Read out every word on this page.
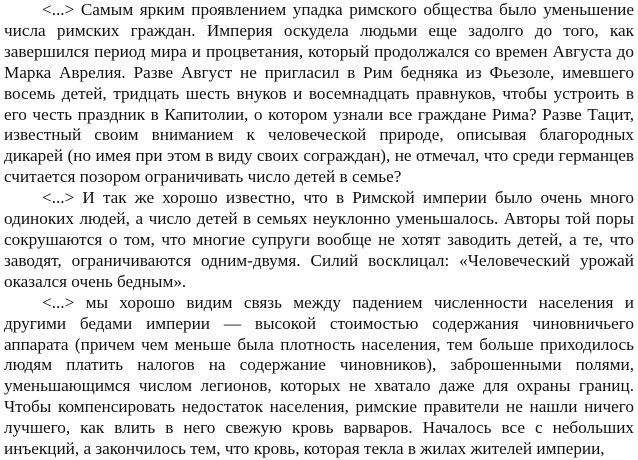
<...> Самым ярким проявлением упадка римского общества было уменьшение числа римских граждан. Империя оскудела людьми еще задолго до того, как завершился период мира и процветания, который продолжался со времен Августа до Марка Аврелия. Разве Август не пригласил в Рим бедняка из Фьезоле, имевшего восемь детей, тридцать шесть внуков и восемнадцать правнуков, чтобы устроить в его честь праздник в Капитолии, о котором узнали все граждане Рима? Разве Тацит, известный своим вниманием к человеческой природе, описывая благородных дикарей (но имея при этом в виду своих сограждан), не отмечал, что среди германцев считается позором ограничивать число детей в семье?

<...> И так же хорошо известно, что в Римской империи было очень много одиноких людей, а число детей в семьях неуклонно уменьшалось. Авторы той поры сокрушаются о том, что многие супруги вообще не хотят заводить детей, а те, что заводят, ограничиваются одним-двумя. Силий восклицал: «Человеческий урожай оказался очень бедным».

<...> мы хорошо видим связь между падением численности населения и другими бедами империи — высокой стоимостью содержания чиновничьего аппарата (причем чем меньше была плотность населения, тем больше приходилось людям платить налогов на содержание чиновников), заброшенными полями, уменьшающимся числом легионов, которых не хватало даже для охраны границ. Чтобы компенсировать недостаток населения, римские правители не нашли ничего лучшего, как влить в него свежую кровь варваров. Началось все с небольших инъекций, а закончилось тем, что кровь, которая текла в жилах жителей империи,
